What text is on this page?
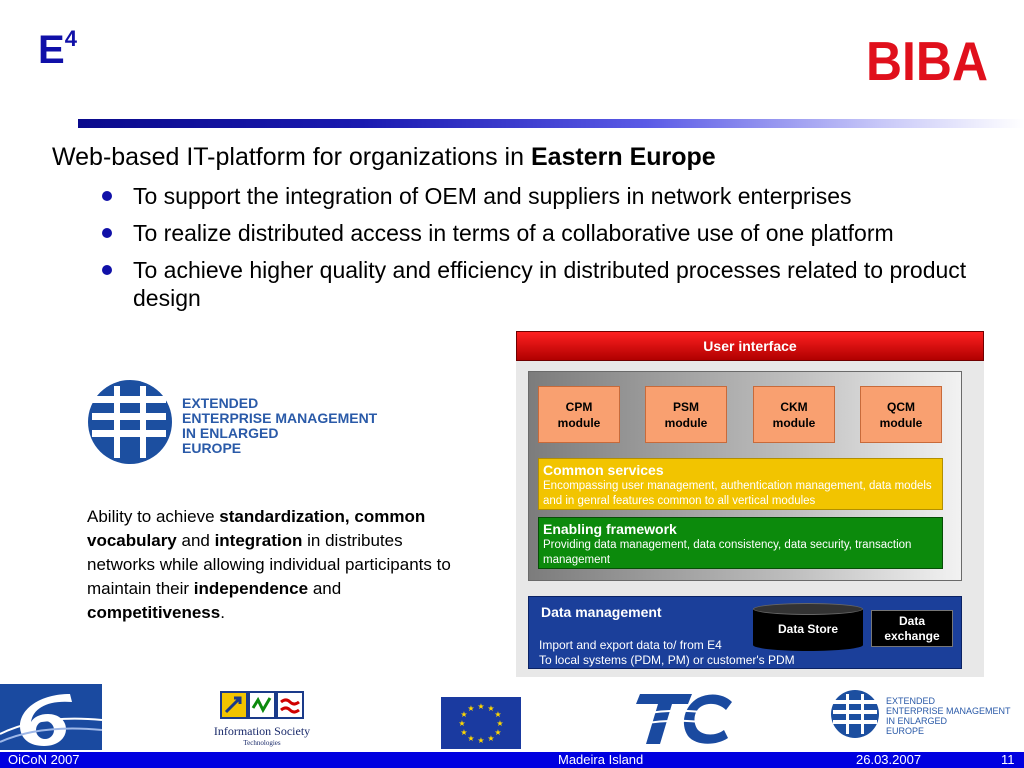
$E^4$	BIBA
Web-based IT-platform for organizations in Eastern Europe
To support the integration of OEM and suppliers in network enterprises
To realize distributed access in terms of a collaborative use of one platform
To achieve higher quality and efficiency in distributed processes related to product design
EXTENDED
ENTERPRISE MANAGEMENT
IN ENLARGED
EUROPE
Ability to achieve standardization, common vocabulary and integration in distributes networks while allowing individual participants to maintain their independence and competitiveness.
User interface
CPM
module
PSM
module
CKM
module
QCM
module
Common services
Encompassing user management, authentication management, data models and in genral features common to all vertical modules
Enabling framework
Providing data management, data consistency, data security, transaction management
Data management
Import and export data to/ from E4
To local systems (PDM, PM) or customer's PDM
Data Store
Data
exchange
Information Society
Technologies
★ ★
★
★
★
★
★
★
★
★
★
★
EXTENDED
ENTERPRISE MANAGEMENT
IN ENLARGED
EUROPE
OiCoN 2007	Madeira Island	26.03.2007	11
